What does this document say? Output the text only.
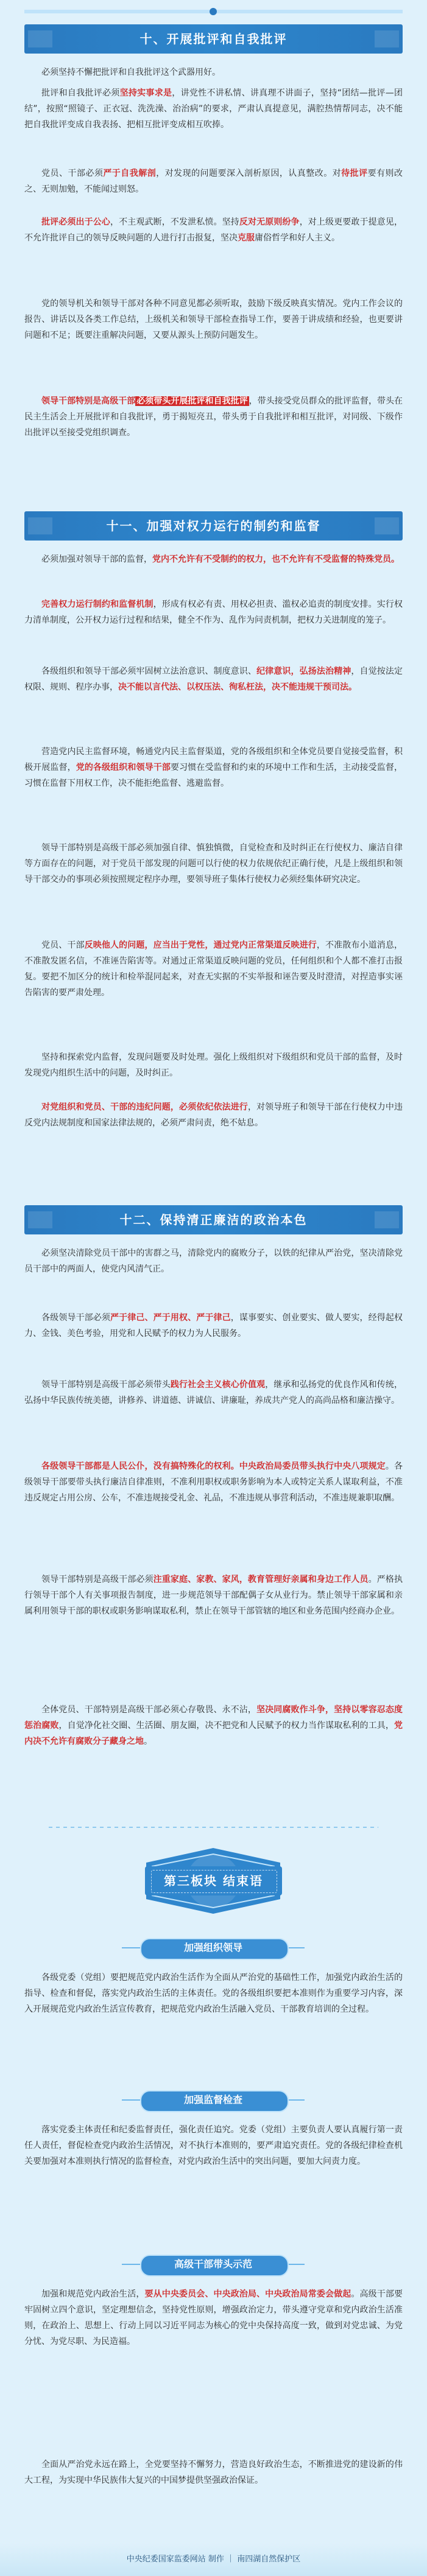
十、开展批评和自我批评
必须坚持不懈把批评和自我批评这个武器用好。
批评和自我批评必须坚持实事求是，讲党性不讲私情、讲真理不讲面子，坚持“团结—批评—团结”，按照“照镜子、正衣冠、洗洗澡、治治病”的要求，严肃认真提意见，满腔热情帮同志，决不能把自我批评变成自我表扬、把相互批评变成相互吹捧。
党员、干部必须严于自我解剖，对发现的问题要深入剖析原因，认真整改。对待批评要有则改之、无则加勉，不能闻过则怒。
批评必须出于公心，不主观武断，不发泄私愤。坚持反对无原则纷争，对上级更要敢于提意见，不允许批评自己的领导反映问题的人进行打击报复，坚决克服庸俗哲学和好人主义。
党的领导机关和领导干部对各种不同意见都必须听取，鼓励下级反映真实情况。党内工作会议的报告、讲话以及各类工作总结，上级机关和领导干部检查指导工作，要善于讲成绩和经验，也更要讲问题和不足；既要注重解决问题，又要从源头上预防问题发生。
领导干部特别是高级干部 必须带头开展批评和自我批评 ，带头接受党员群众的批评监督，带头在民主生活会上开展批评和自我批评，勇于揭短亮丑，带头勇于自我批评和相互批评，对同级、下级作出批评以至接受党组织调查。
十一、加强对权力运行的制约和监督
必须加强对领导干部的监督，党内不允许有不受制约的权力，也不允许有不受监督的特殊党员。
完善权力运行制约和监督机制，形成有权必有责、用权必担责、滥权必追责的制度安排。实行权力清单制度，公开权力运行过程和结果，健全不作为、乱作为问责机制，把权力关进制度的笼子。
各级组织和领导干部必须牢固树立法治意识、制度意识、纪律意识，弘扬法治精神，自觉按法定权限、规则、程序办事，决不能以言代法、以权压法、徇私枉法，决不能违规干预司法。
营造党内民主监督环境，畅通党内民主监督渠道，党的各级组织和全体党员要自觉接受监督，积极开展监督，党的各级组织和领导干部要习惯在受监督和约束的环境中工作和生活，主动接受监督，习惯在监督下用权工作，决不能拒绝监督、逃避监督。
领导干部特别是高级干部必须加强自律、慎独慎微，自觉检查和及时纠正在行使权力、廉洁自律等方面存在的问题，对于党员干部发现的问题可以行使的权力依规依纪正确行使，凡是上级组织和领导干部交办的事项必须按照规定程序办理，要领导班子集体行使权力必须经集体研究决定。
党员、干部反映他人的问题，应当出于党性，通过党内正常渠道反映进行，不准散布小道消息，不准散发匿名信，不准诬告陷害等。对通过正常渠道反映问题的党员，任何组织和个人都不准打击报复。要把不加区分的统计和检举混同起来，对查无实据的不实举报和诬告要及时澄清，对捏造事实诬告陷害的要严肃处理。
坚持和探索党内监督，发现问题要及时处理。强化上级组织对下级组织和党员干部的监督，及时发现党内组织生活中的问题，及时纠正。
对党组织和党员、干部的违纪问题，必须依纪依法进行，对领导班子和领导干部在行使权力中违反党内法规制度和国家法律法规的，必须严肃问责，绝不姑息。
十二、保持清正廉洁的政治本色
必须坚决清除党员干部中的害群之马，清除党内的腐败分子，以铁的纪律从严治党，坚决清除党员干部中的两面人，使党内风清气正。
各级领导干部必须严于律己、严于用权、严于律己，谋事要实、创业要实、做人要实，经得起权力、金钱、美色考验，用党和人民赋予的权力为人民服务。
领导干部特别是高级干部必须带头践行社会主义核心价值观，继承和弘扬党的优良作风和传统，弘扬中华民族传统美德，讲修养、讲道德、讲诚信、讲廉耻，养成共产党人的高尚品格和廉洁操守。
各级领导干部都是人民公仆，没有搞特殊化的权利。中央政治局委员带头执行中央八项规定。各级领导干部要带头执行廉洁自律准则，不准利用职权或职务影响为本人或特定关系人谋取利益，不准违反规定占用公房、公车，不准违规接受礼金、礼品，不准违规从事营利活动，不准违规兼职取酬。
领导干部特别是高级干部必须注重家庭、家教、家风，教育管理好亲属和身边工作人员。严格执行领导干部个人有关事项报告制度，进一步规范领导干部配偶子女从业行为。禁止领导干部家属和亲属利用领导干部的职权或职务影响谋取私利，禁止在领导干部管辖的地区和业务范围内经商办企业。
全体党员、干部特别是高级干部必须心存敬畏、永不沾，坚决同腐败作斗争，坚持以零容忍态度惩治腐败，自觉净化社交圈、生活圈、朋友圈，决不把党和人民赋予的权力当作谋取私利的工具，党内决不允许有腐败分子藏身之地。
第三板块 结束语
加强组织领导
各级党委（党组）要把规范党内政治生活作为全面从严治党的基础性工作，加强党内政治生活的指导、检查和督促，落实党内政治生活的主体责任。党的各级组织要把本准则作为重要学习内容，深入开展规范党内政治生活宣传教育，把规范党内政治生活融入党员、干部教育培训的全过程。
加强监督检查
落实党委主体责任和纪委监督责任，强化责任追究。党委（党组）主要负责人要认真履行第一责任人责任，督促检查党内政治生活情况，对不执行本准则的，要严肃追究责任。党的各级纪律检查机关要加强对本准则执行情况的监督检查，对党内政治生活中的突出问题，要加大问责力度。
高级干部带头示范
加强和规范党内政治生活，要从中央委员会、中央政治局、中央政治局常委会做起。高级干部要牢固树立四个意识，坚定理想信念，坚持党性原则，增强政治定力，带头遵守党章和党内政治生活准则，在政治上、思想上、行动上同以习近平同志为核心的党中央保持高度一致，做到对党忠诚、为党分忧、为党尽职、为民造福。
全面从严治党永远在路上，全党要坚持不懈努力，营造良好政治生态，不断推进党的建设新的伟大工程，为实现中华民族伟大复兴的中国梦提供坚强政治保证。
中央纪委国家监委网站 制作 ｜ 南四湖自然保护区
